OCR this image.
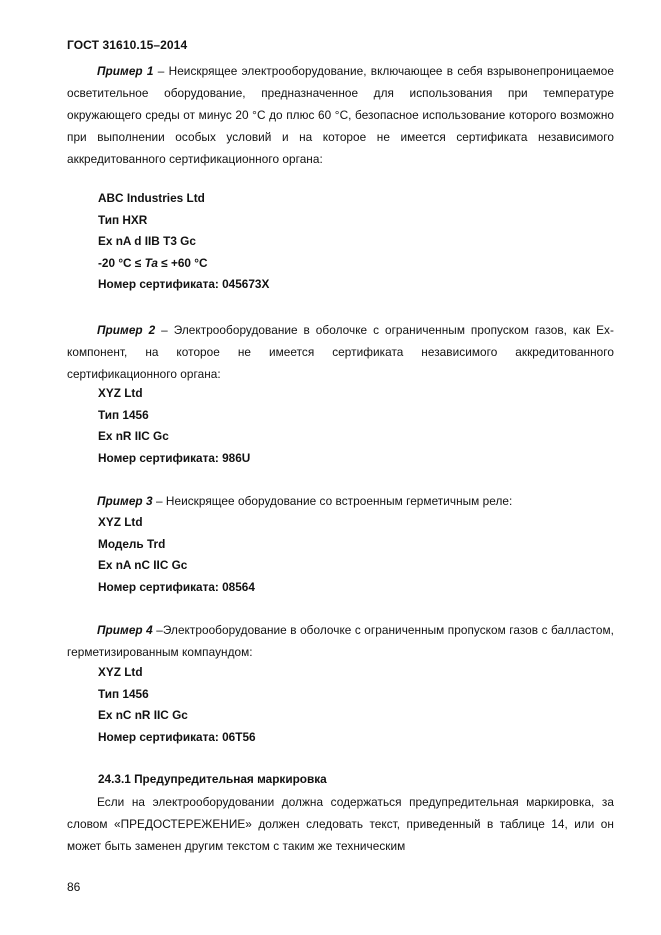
ГОСТ 31610.15–2014
Пример 1 – Неискрящее электрооборудование, включающее в себя взрывонепроницаемое осветительное оборудование, предназначенное для использования при температуре окружающего среды от минус 20 °С до плюс 60 °С, безопасное использование которого возможно при выполнении особых условий и на которое не имеется сертификата независимого аккредитованного сертификационного органа:
ABC Industries Ltd
Тип HXR
Ex nA d IIB T3 Gc
-20 °С ≤ Ta ≤ +60 °С
Номер сертификата: 045673X
Пример 2 – Электрооборудование в оболочке с ограниченным пропуском газов, как Ex-компонент, на которое не имеется сертификата независимого аккредитованного сертификационного органа:
XYZ Ltd
Тип 1456
Ex nR IIC Gc
Номер сертификата: 986U
Пример 3 – Неискрящее оборудование со встроенным герметичным реле:
XYZ Ltd
Модель Trd
Ex nA nC IIC Gc
Номер сертификата: 08564
Пример 4 –Электрооборудование в оболочке с ограниченным пропуском газов с балластом, герметизированным компаундом:
XYZ Ltd
Тип 1456
Ex nC nR IIC Gc
Номер сертификата: 06T56
24.3.1 Предупредительная маркировка
Если на электрооборудовании должна содержаться предупредительная маркировка, за словом «ПРЕДОСТЕРЕЖЕНИЕ» должен следовать текст, приведенный в таблице 14, или он может быть заменен другим текстом с таким же техническим
86
